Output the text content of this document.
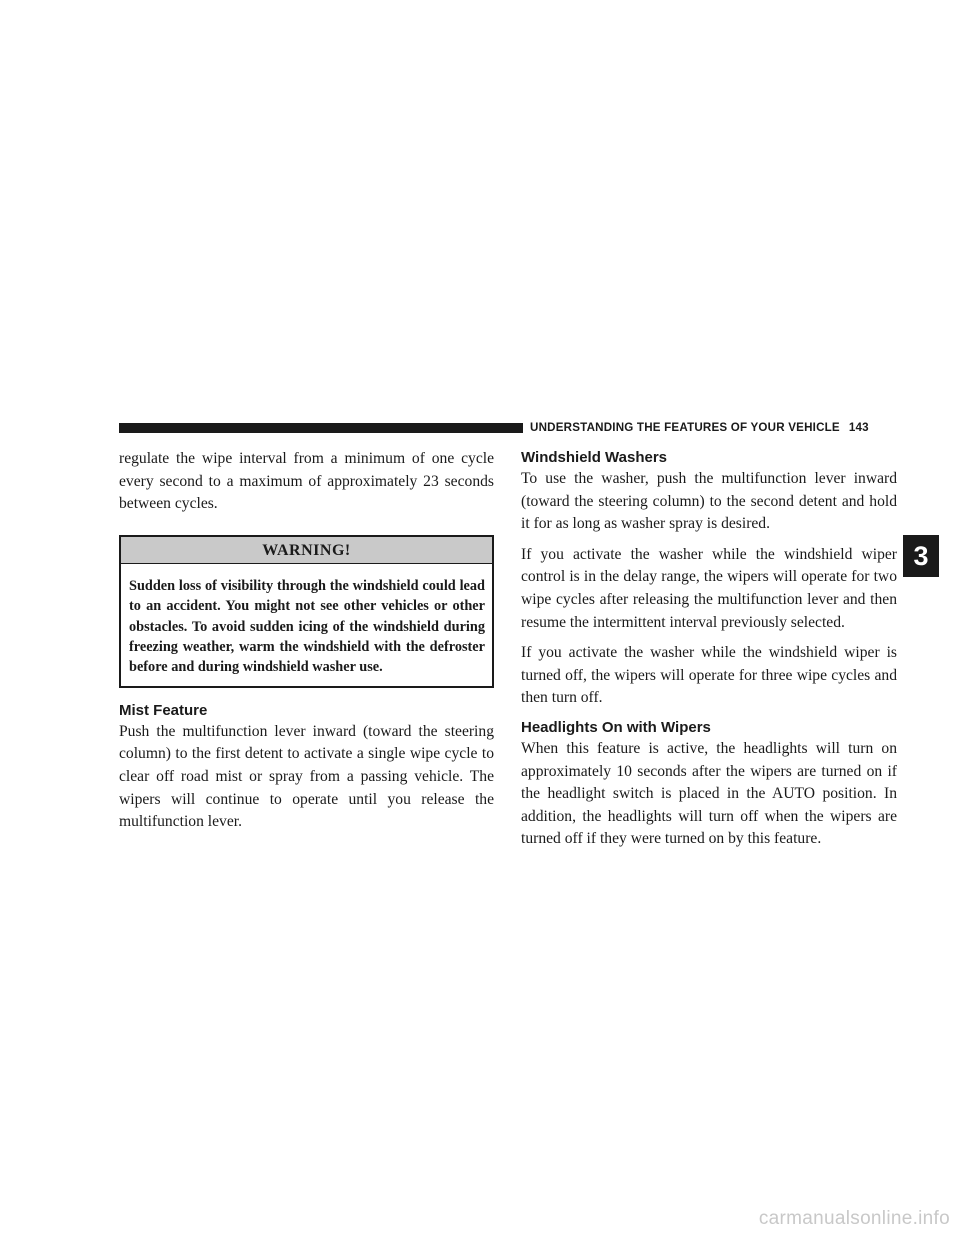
UNDERSTANDING THE FEATURES OF YOUR VEHICLE 143

regulate the wipe interval from a minimum of one cycle every second to a maximum of approximately 23 seconds between cycles.

WARNING!
Sudden loss of visibility through the windshield could lead to an accident. You might not see other vehicles or other obstacles. To avoid sudden icing of the windshield during freezing weather, warm the windshield with the defroster before and during windshield washer use.
Mist Feature

Push the multifunction lever inward (toward the steering column) to the first detent to activate a single wipe cycle to clear off road mist or spray from a passing vehicle. The wipers will continue to operate until you release the multifunction lever.

Windshield Washers

To use the washer, push the multifunction lever inward (toward the steering column) to the second detent and hold it for as long as washer spray is desired.

If you activate the washer while the windshield wiper control is in the delay range, the wipers will operate for two wipe cycles after releasing the multifunction lever and then resume the intermittent interval previously selected.

If you activate the washer while the windshield wiper is turned off, the wipers will operate for three wipe cycles and then turn off.

Headlights On with Wipers

When this feature is active, the headlights will turn on approximately 10 seconds after the wipers are turned on if the headlight switch is placed in the AUTO position. In addition, the headlights will turn off when the wipers are turned off if they were turned on by this feature.

3
carmanualsonline.info
